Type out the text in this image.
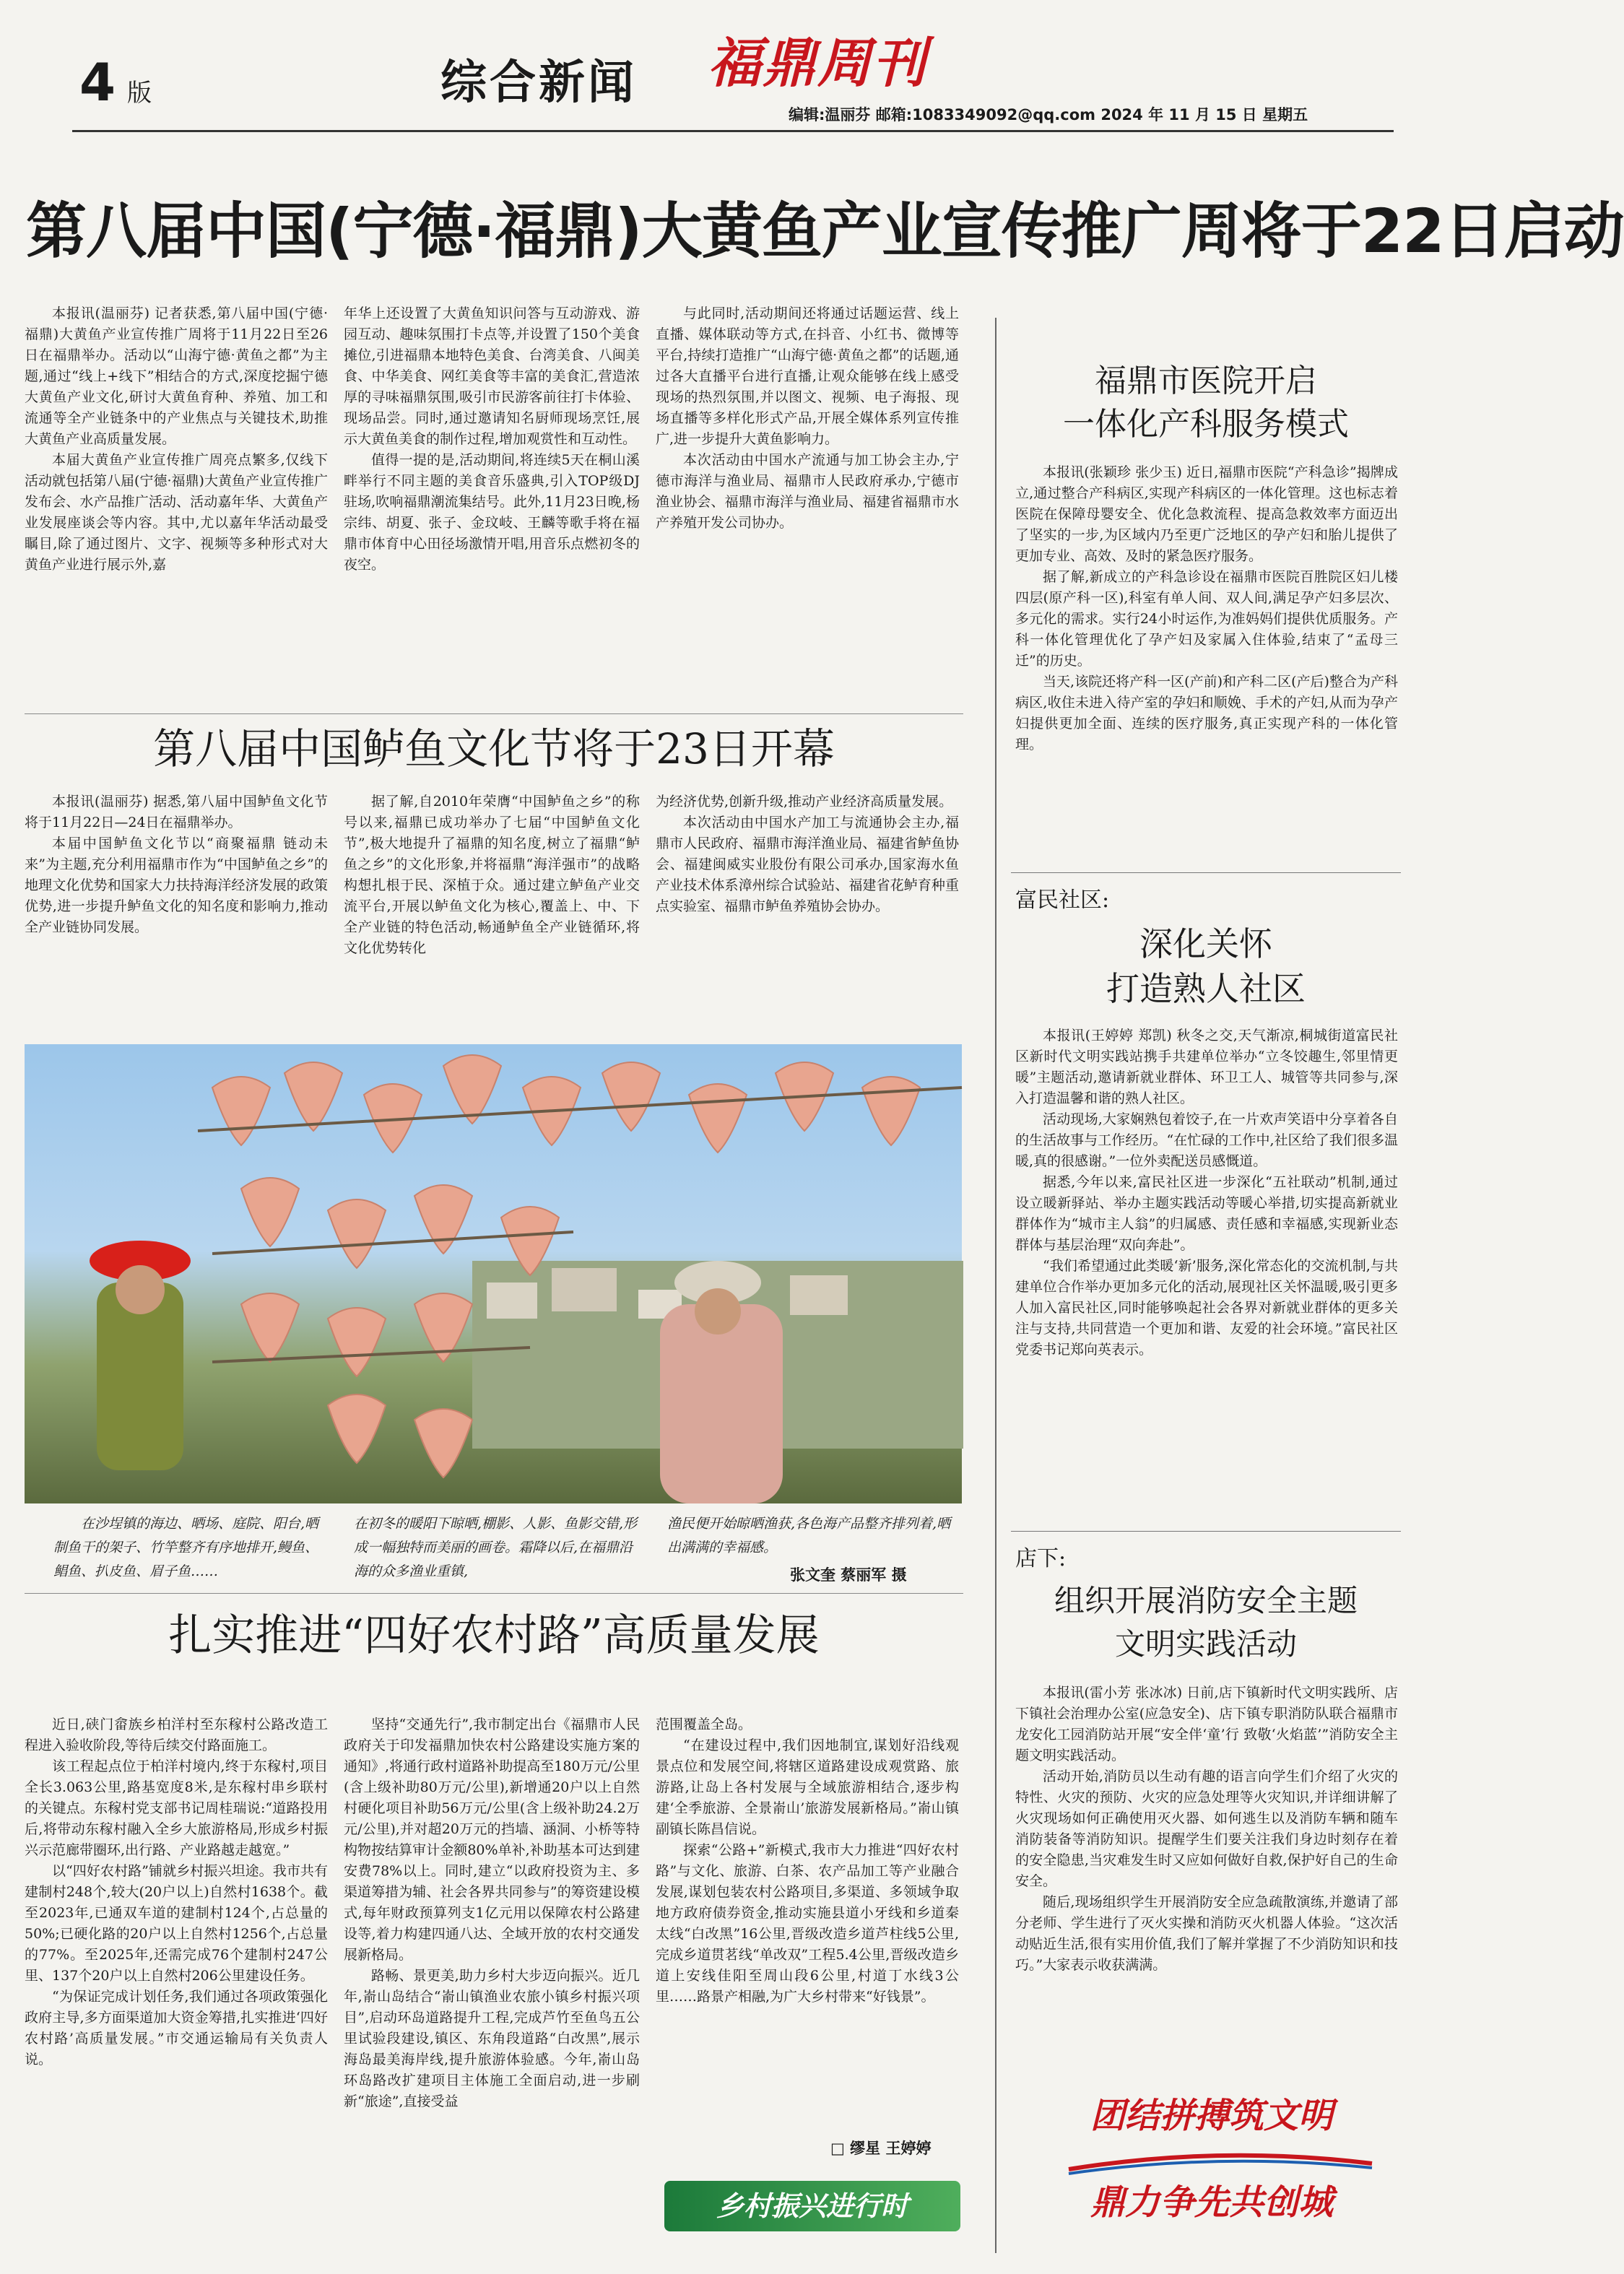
4 版	综合新闻 福鼎周刊
编辑:温丽芬 邮箱:1083349092@qq.com 2024 年 11 月 15 日 星期五
第八届中国(宁德·福鼎)大黄鱼产业宣传推广周将于22日启动

本报讯(温丽芬) 记者获悉,第八届中国(宁德·福鼎)大黄鱼产业宣传推广周将于11月22日至26日在福鼎举办。活动以“山海宁德·黄鱼之都”为主题,通过“线上+线下”相结合的方式,深度挖掘宁德大黄鱼产业文化,研讨大黄鱼育种、养殖、加工和流通等全产业链条中的产业焦点与关键技术,助推大黄鱼产业高质量发展。

本届大黄鱼产业宣传推广周亮点繁多,仅线下活动就包括第八届(宁德·福鼎)大黄鱼产业宣传推广发布会、水产品推广活动、活动嘉年华、大黄鱼产业发展座谈会等内容。其中,尤以嘉年华活动最受瞩目,除了通过图片、文字、视频等多种形式对大黄鱼产业进行展示外,嘉

年华上还设置了大黄鱼知识问答与互动游戏、游园互动、趣味氛围打卡点等,并设置了150个美食摊位,引进福鼎本地特色美食、台湾美食、八闽美食、中华美食、网红美食等丰富的美食汇,营造浓厚的寻味福鼎氛围,吸引市民游客前往打卡体验、现场品尝。同时,通过邀请知名厨师现场烹饪,展示大黄鱼美食的制作过程,增加观赏性和互动性。

值得一提的是,活动期间,将连续5天在桐山溪畔举行不同主题的美食音乐盛典,引入TOP级DJ驻场,吹响福鼎潮流集结号。此外,11月23日晚,杨宗纬、胡夏、张子、金玟岐、王麟等歌手将在福鼎市体育中心田径场激情开唱,用音乐点燃初冬的夜空。

与此同时,活动期间还将通过话题运营、线上直播、媒体联动等方式,在抖音、小红书、微博等平台,持续打造推广“山海宁德·黄鱼之都”的话题,通过各大直播平台进行直播,让观众能够在线上感受现场的热烈氛围,并以图文、视频、电子海报、现场直播等多样化形式产品,开展全媒体系列宣传推广,进一步提升大黄鱼影响力。

本次活动由中国水产流通与加工协会主办,宁德市海洋与渔业局、福鼎市人民政府承办,宁德市渔业协会、福鼎市海洋与渔业局、福建省福鼎市水产养殖开发公司协办。

福鼎市医院开启
一体化产科服务模式

本报讯(张颖珍 张少玉) 近日,福鼎市医院“产科急诊”揭牌成立,通过整合产科病区,实现产科病区的一体化管理。这也标志着医院在保障母婴安全、优化急救流程、提高急救效率方面迈出了坚实的一步,为区域内乃至更广泛地区的孕产妇和胎儿提供了更加专业、高效、及时的紧急医疗服务。

据了解,新成立的产科急诊设在福鼎市医院百胜院区妇儿楼四层(原产科一区),科室有单人间、双人间,满足孕产妇多层次、多元化的需求。实行24小时运作,为准妈妈们提供优质服务。产科一体化管理优化了孕产妇及家属入住体验,结束了“孟母三迁”的历史。

当天,该院还将产科一区(产前)和产科二区(产后)整合为产科病区,收住未进入待产室的孕妇和顺娩、手术的产妇,从而为孕产妇提供更加全面、连续的医疗服务,真正实现产科的一体化管理。

富民社区:
深化关怀
打造熟人社区

本报讯(王婷婷 郑凯) 秋冬之交,天气渐凉,桐城街道富民社区新时代文明实践站携手共建单位举办“立冬饺趣生,邻里情更暖”主题活动,邀请新就业群体、环卫工人、城管等共同参与,深入打造温馨和谐的熟人社区。

活动现场,大家娴熟包着饺子,在一片欢声笑语中分享着各自的生活故事与工作经历。“在忙碌的工作中,社区给了我们很多温暖,真的很感谢。”一位外卖配送员感慨道。

据悉,今年以来,富民社区进一步深化“五社联动”机制,通过设立暖新驿站、举办主题实践活动等暖心举措,切实提高新就业群体作为“城市主人翁”的归属感、责任感和幸福感,实现新业态群体与基层治理“双向奔赴”。

“我们希望通过此类暖‘新’服务,深化常态化的交流机制,与共建单位合作举办更加多元化的活动,展现社区关怀温暖,吸引更多人加入富民社区,同时能够唤起社会各界对新就业群体的更多关注与支持,共同营造一个更加和谐、友爱的社会环境。”富民社区党委书记郑向英表示。

店下:
组织开展消防安全主题
文明实践活动

本报讯(雷小芳 张冰冰) 日前,店下镇新时代文明实践所、店下镇社会治理办公室(应急安全)、店下镇专职消防队联合福鼎市龙安化工园消防站开展“安全伴‘童’行 致敬‘火焰蓝’”消防安全主题文明实践活动。

活动开始,消防员以生动有趣的语言向学生们介绍了火灾的特性、火灾的预防、火灾的应急处理等火灾知识,并详细讲解了火灾现场如何正确使用灭火器、如何逃生以及消防车辆和随车消防装备等消防知识。提醒学生们要关注我们身边时刻存在着的安全隐患,当灾难发生时又应如何做好自救,保护好自己的生命安全。

随后,现场组织学生开展消防安全应急疏散演练,并邀请了部分老师、学生进行了灭火实操和消防灭火机器人体验。“这次活动贴近生活,很有实用价值,我们了解并掌握了不少消防知识和技巧。”大家表示收获满满。

团结拼搏筑文明
鼎力争先共创城
第八届中国鲈鱼文化节将于23日开幕

本报讯(温丽芬) 据悉,第八届中国鲈鱼文化节将于11月22日—24日在福鼎举办。

本届中国鲈鱼文化节以“商聚福鼎 链动未来”为主题,充分利用福鼎市作为“中国鲈鱼之乡”的地理文化优势和国家大力扶持海洋经济发展的政策优势,进一步提升鲈鱼文化的知名度和影响力,推动全产业链协同发展。

据了解,自2010年荣膺“中国鲈鱼之乡”的称号以来,福鼎已成功举办了七届“中国鲈鱼文化节”,极大地提升了福鼎的知名度,树立了福鼎“鲈鱼之乡”的文化形象,并将福鼎“海洋强市”的战略构想扎根于民、深植于众。通过建立鲈鱼产业交流平台,开展以鲈鱼文化为核心,覆盖上、中、下全产业链的特色活动,畅通鲈鱼全产业链循环,将文化优势转化

为经济优势,创新升级,推动产业经济高质量发展。

本次活动由中国水产加工与流通协会主办,福鼎市人民政府、福鼎市海洋渔业局、福建省鲈鱼协会、福建闽威实业股份有限公司承办,国家海水鱼产业技术体系漳州综合试验站、福建省花鲈育种重点实验室、福鼎市鲈鱼养殖协会协办。

在沙埕镇的海边、晒场、庭院、阳台,晒制鱼干的架子、竹竿整齐有序地排开,鳗鱼、鲳鱼、扒皮鱼、眉子鱼……

在初冬的暖阳下晾晒,棚影、人影、鱼影交错,形成一幅独特而美丽的画卷。霜降以后,在福鼎沿海的众多渔业重镇,

渔民便开始晾晒渔获,各色海产品整齐排列着,晒出满满的幸福感。

张文奎 蔡丽军 摄
扎实推进“四好农村路”高质量发展

近日,硖门畲族乡柏洋村至东稼村公路改造工程进入验收阶段,等待后续交付路面施工。

该工程起点位于柏洋村境内,终于东稼村,项目全长3.063公里,路基宽度8米,是东稼村串乡联村的关键点。东稼村党支部书记周桂瑞说:“道路投用后,将带动东稼村融入全乡大旅游格局,形成乡村振兴示范廊带圈环,出行路、产业路越走越宽。”

以“四好农村路”铺就乡村振兴坦途。我市共有建制村248个,较大(20户以上)自然村1638个。截至2023年,已通双车道的建制村124个,占总量的50%;已硬化路的20户以上自然村1256个,占总量的77%。至2025年,还需完成76个建制村247公里、137个20户以上自然村206公里建设任务。

“为保证完成计划任务,我们通过各项政策强化政府主导,多方面渠道加大资金筹措,扎实推进‘四好农村路’高质量发展。”市交通运输局有关负责人说。

坚持“交通先行”,我市制定出台《福鼎市人民政府关于印发福鼎加快农村公路建设实施方案的通知》,将通行政村道路补助提高至180万元/公里(含上级补助80万元/公里),新增通20户以上自然村硬化项目补助56万元/公里(含上级补助24.2万元/公里),并对超20万元的挡墙、涵洞、小桥等特构物按结算审计金额80%单补,补助基本可达到建安费78%以上。同时,建立“以政府投资为主、多渠道筹措为辅、社会各界共同参与”的筹资建设模式,每年财政预算列支1亿元用以保障农村公路建设等,着力构建四通八达、全域开放的农村交通发展新格局。

路畅、景更美,助力乡村大步迈向振兴。近几年,嵛山岛结合“嵛山镇渔业农旅小镇乡村振兴项目”,启动环岛道路提升工程,完成芦竹至鱼鸟五公里试验段建设,镇区、东角段道路“白改黑”,展示海岛最美海岸线,提升旅游体验感。今年,嵛山岛环岛路改扩建项目主体施工全面启动,进一步刷新“旅途”,直接受益

范围覆盖全岛。

“在建设过程中,我们因地制宜,谋划好沿线观景点位和发展空间,将辖区道路建设成观赏路、旅游路,让岛上各村发展与全域旅游相结合,逐步构建‘全季旅游、全景嵛山’旅游发展新格局。”嵛山镇副镇长陈昌信说。

探索“公路+”新模式,我市大力推进“四好农村路”与文化、旅游、白茶、农产品加工等产业融合发展,谋划包装农村公路项目,多渠道、多领域争取地方政府债券资金,推动实施县道小牙线和乡道秦太线“白改黑”16公里,晋级改造乡道芦柱线5公里,完成乡道贯茗线“单改双”工程5.4公里,晋级改造乡道上安线佳阳至周山段6公里,村道丁水线3公里……路景产相融,为广大乡村带来“好钱景”。

□ 缪星 王婷婷
乡村振兴进行时
